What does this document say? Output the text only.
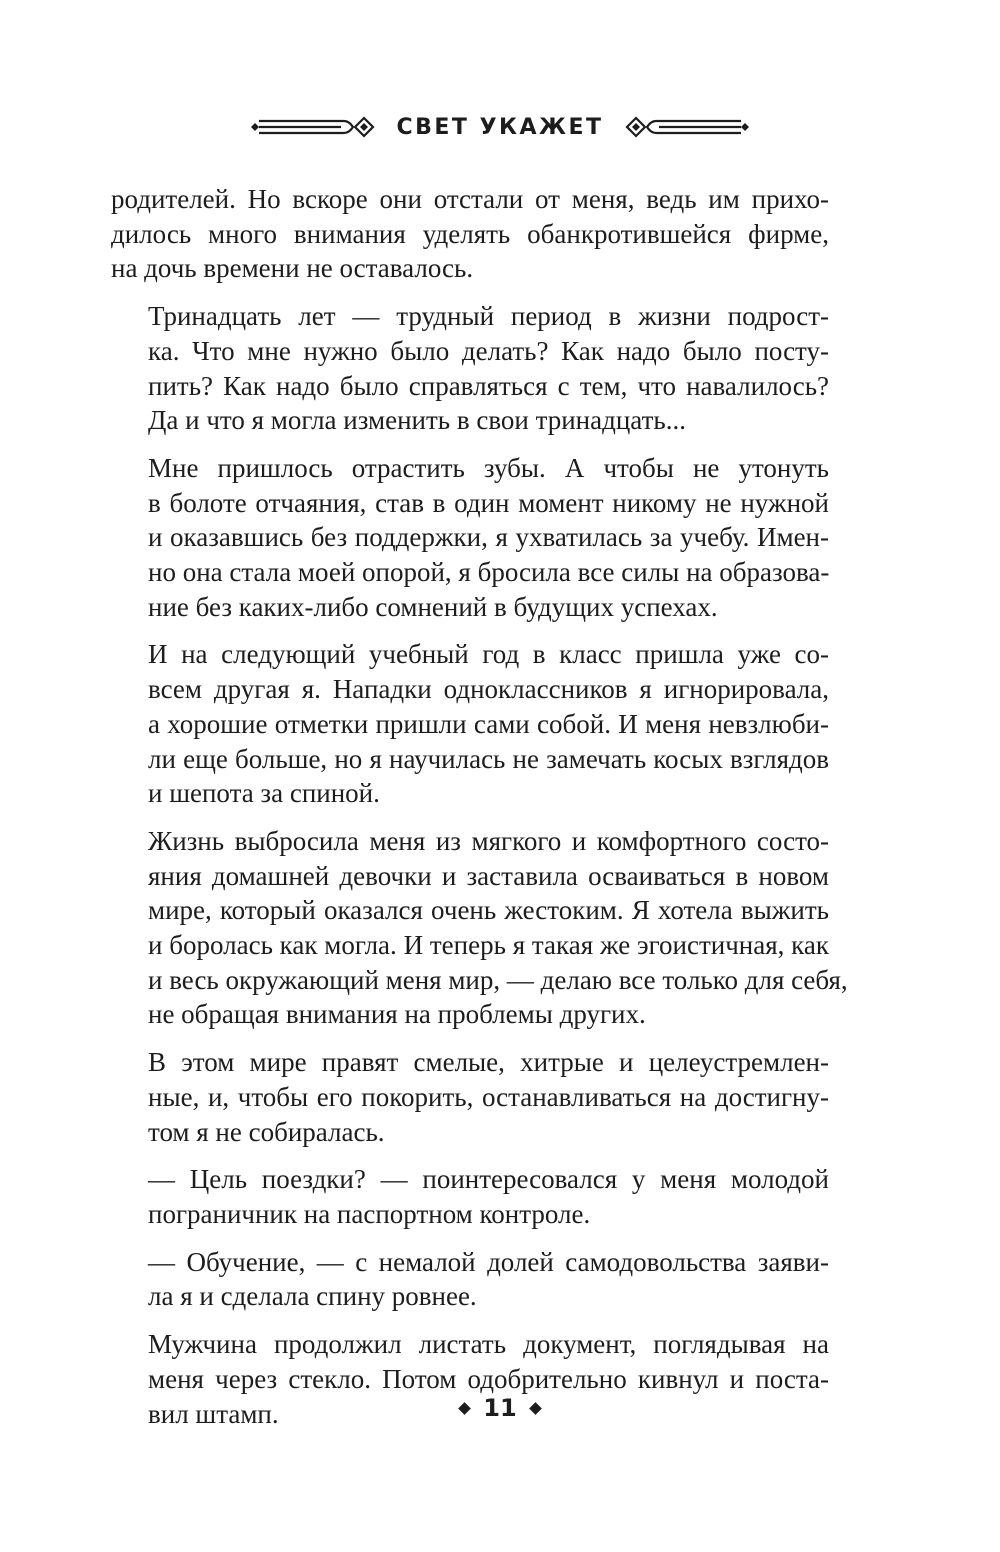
СВЕТ УКАЖЕТ

родителей. Но вскоре они отстали от меня, ведь им прихо-
дилось много внимания уделять обанкротившейся фирме,
на дочь времени не оставалось.

Тринадцать лет — трудный период в жизни подрост-
ка. Что мне нужно было делать? Как надо было посту-
пить? Как надо было справляться с тем, что навалилось?
Да и что я могла изменить в свои тринадцать...

Мне пришлось отрастить зубы. А чтобы не утонуть
в болоте отчаяния, став в один момент никому не нужной
и оказавшись без поддержки, я ухватилась за учебу. Имен-
но она стала моей опорой, я бросила все силы на образова-
ние без каких-либо сомнений в будущих успехах.

И на следующий учебный год в класс пришла уже со-
всем другая я. Нападки одноклассников я игнорировала,
а хорошие отметки пришли сами собой. И меня невзлюби-
ли еще больше, но я научилась не замечать косых взглядов
и шепота за спиной.

Жизнь выбросила меня из мягкого и комфортного состо-
яния домашней девочки и заставила осваиваться в новом
мире, который оказался очень жестоким. Я хотела выжить
и боролась как могла. И теперь я такая же эгоистичная, как
и весь окружающий меня мир, — делаю все только для себя,
не обращая внимания на проблемы других.

В этом мире правят смелые, хитрые и целеустремлен-
ные, и, чтобы его покорить, останавливаться на достигну-
том я не собиралась.

— Цель поездки? — поинтересовался у меня молодой
пограничник на паспортном контроле.

— Обучение, — с немалой долей самодовольства заяви-
ла я и сделала спину ровнее.

Мужчина продолжил листать документ, поглядывая на
меня через стекло. Потом одобрительно кивнул и поста-
вил штамп.	11
